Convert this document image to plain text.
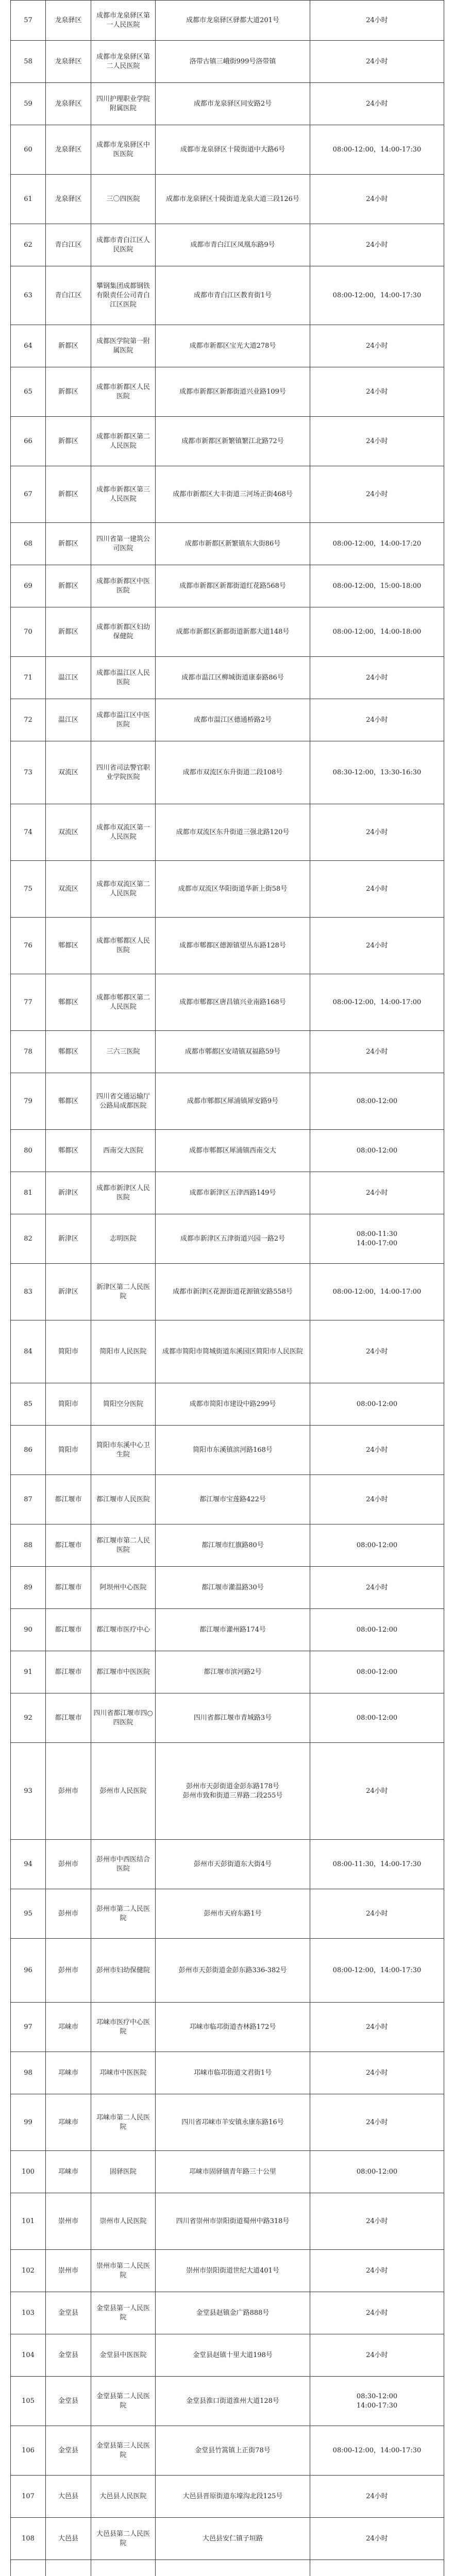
57	龙泉驿区	成都市龙泉驿区第一人民医院	成都市龙泉驿区驿都大道201号	24小时

58	龙泉驿区	成都市龙泉驿区第二人民医院	洛带古镇三峨街999号洛带镇	24小时

59	龙泉驿区	四川护理职业学院附属医院	成都市龙泉驿区同安路2号	24小时

60	龙泉驿区	成都市龙泉驿区中医医院	成都市龙泉驿区十陵街道中大路6号	08:00-12:00，14:00-17:30

61	龙泉驿区	三〇四医院	成都市龙泉驿区十陵街道龙泉大道三段126号	24小时

62	青白江区	成都市青白江区人民医院	成都市青白江区凤凰东路9号	24小时

63	青白江区	攀钢集团成都钢铁有限责任公司青白江区医院	成都市青白江区教育街1号	08:00-12:00，14:00-17:30

64	新都区	成都医学院第一附属医院	成都市新都区宝光大道278号	24小时

65	新都区	成都市新都区人民医院	成都市新都区新都街道兴业路109号	24小时

66	新都区	成都市新都区第二人民医院	成都市新都区新繁镇繁江北路72号	24小时

67	新都区	成都市新都区第三人民医院	成都市新都区大丰街道三河场正街468号	24小时

68	新都区	四川省第一建筑公司医院	成都市新都区新繁镇东大街86号	08:00-12:00，14:00-17:20

69	新都区	成都市新都区中医医院	成都市新都区新都街道红花路568号	08:00-12:00，15:00-18:00

70	新都区	成都市新都区妇幼保健院	成都市新都区新都街道新都大道148号	08:00-12:00，14:00-18:00

71	温江区	成都市温江区人民医院	成都市温江区柳城街道康泰路86号	24小时

72	温江区	成都市温江区中医医院	成都市温江区德通桥路2号	24小时

73	双流区	四川省司法警官职业学院医院	成都市双流区东升街道二段108号	08:30-12:00，13:30-16:30

74	双流区	成都市双流区第一人民医院	成都市双流区东升街道三强北路120号	24小时

75	双流区	成都市双流区第二人民医院	成都市双流区华阳街道华新上街58号	24小时

76	郫都区	成都市郫都区人民医院	成都市郫都区德源镇望丛东路128号	24小时

77	郫都区	成都市郫都区第二人民医院	成都市郫都区唐昌镇兴业南路168号	08:00-12:00，14:00-17:00

78	郫都区	三六三医院	成都市郫都区安靖镇双福路59号	24小时

79	郫都区	四川省交通运输厅公路局成都医院	成都市郫都区犀浦镇犀安路9号	08:00-12:00

80	郫都区	西南交大医院	成都市郫都区犀浦镇西南交大	08:00-12:00

81	新津区	成都市新津区人民医院	成都市新津区五津西路149号	24小时

82	新津区	志明医院	成都市新津区五津街道兴园一路2号	08:00-11:30
14:00-17:00

83	新津区	新津区第二人民医院	成都市新津区花源街道花源镇安路558号	08:00-12:00，14:00-17:00

84	简阳市	简阳市人民医院	成都市简阳市简城街道东溪园区简阳市人民医院	24小时

85	简阳市	简阳空分医院	成都市简阳市建设中路299号	08:00-12:00

86	简阳市	简阳市东溪中心卫生院	简阳市东溪镇滨河路168号	24小时

87	都江堰市	都江堰市人民医院	都江堰市宝莲路422号	24小时

88	都江堰市	都江堰市第二人民医院	都江堰市红旗路80号	08:00-12:00

89	都江堰市	阿坝州中心医院	都江堰市灌温路30号	24小时

90	都江堰市	都江堰市医疗中心	都江堰市灌州路174号	08:00-12:00

91	都江堰市	都江堰市中医医院	都江堰市滨河路2号	08:00-12:00

92	都江堰市	四川省都江堰市四○四医院	四川省都江堰市青城路3号	08:00-12:00

93	彭州市	彭州市人民医院	彭州市天彭街道金彭东路178号
彭州市致和街道三界路二段255号	24小时

94	彭州市	彭州市中西医结合医院	彭州市天彭街道东大街4号	08:00-11:30，14:00-17:30

95	彭州市	彭州市第二人民医院	彭州市天府东路1号	24小时

96	彭州市	彭州市妇幼保健院	彭州市天彭街道金彭东路336-382号	08:00-12:00，14:00-17:30

97	邛崃市	邛崃市医疗中心医院	邛崃市临邛街道杏林路172号	24小时

98	邛崃市	邛崃市中医医院	邛崃市临邛街道文君街1号	24小时

99	邛崃市	邛崃市第二人民医院	四川省邛崃市羊安镇永康东路16号	24小时

100	邛崃市	固驿医院	邛崃市固驿镇青年路三十公里	08:00-12:00

101	崇州市	崇州市人民医院	四川省崇州市崇阳街道蜀州中路318号	24小时

102	崇州市	崇州市第二人民医院	崇州市崇阳街道世纪大道401号	24小时

103	金堂县	金堂县第一人民医院	金堂县赵镇金广路888号	24小时

104	金堂县	金堂县中医医院	金堂县赵镇十里大道198号	24小时

105	金堂县	金堂县第二人民医院	金堂县淮口街道淮州大道128号	08:30-12:00
14:00-17:30

106	金堂县	金堂县第三人民医院	金堂县竹篙镇上正街78号	08:00-12:00，14:00-17:30

107	大邑县	大邑县人民医院	大邑县晋原街道东壕沟北段125号	24小时

108	大邑县	大邑县第二人民医院	大邑县安仁镇子垣路	24小时
